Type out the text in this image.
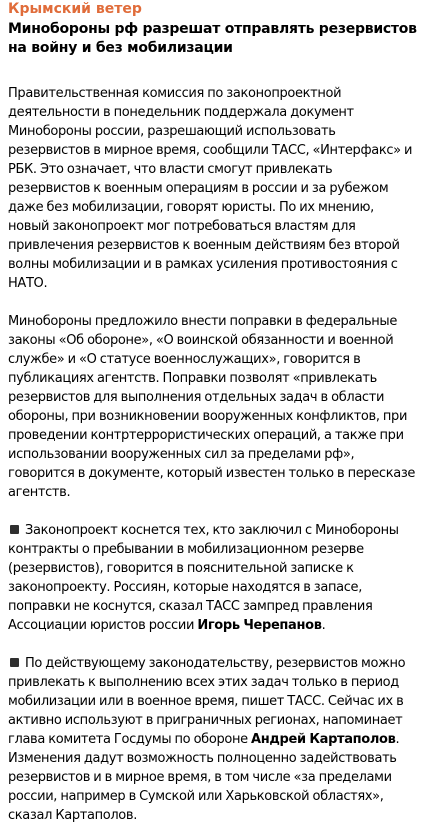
Крымский ветер
Минобороны рф разрешат отправлять резервистов на войну и без мобилизации

Правительственная комиссия по законопроектной деятельности в понедельник поддержала документ Минобороны россии, разрешающий использовать резервистов в мирное время, сообщили ТАСС, «Интерфакс» и РБК. Это означает, что власти смогут привлекать резервистов к военным операциям в россии и за рубежом даже без мобилизации, говорят юристы. По их мнению, новый законопроект мог потребоваться властям для привлечения резервистов к военным действиям без второй волны мобилизации и в рамках усиления противостояния с НАТО.

Минобороны предложило внести поправки в федеральные законы «Об обороне», «О воинской обязанности и военной службе» и «О статусе военнослужащих», говорится в публикациях агентств. Поправки позволят «привлекать резервистов для выполнения отдельных задач в области обороны, при возникновении вооруженных конфликтов, при проведении контртеррористических операций, а также при использовании вооруженных сил за пределами рф», говорится в документе, который известен только в пересказе агентств.

Законопроект коснется тех, кто заключил с Минобороны контракты о пребывании в мобилизационном резерве (резервистов), говорится в пояснительной записке к законопроекту. Россиян, которые находятся в запасе, поправки не коснутся, сказал ТАСС зампред правления Ассоциации юристов россии Игорь Черепанов.

По действующему законодательству, резервистов можно привлекать к выполнению всех этих задач только в период мобилизации или в военное время, пишет ТАСС. Сейчас их в активно используют в приграничных регионах, напоминает глава комитета Госдумы по обороне Андрей Картаполов. Изменения дадут возможность полноценно задействовать резервистов и в мирное время, в том числе «за пределами россии, например в Сумской или Харьковской областях», сказал Картаполов.
